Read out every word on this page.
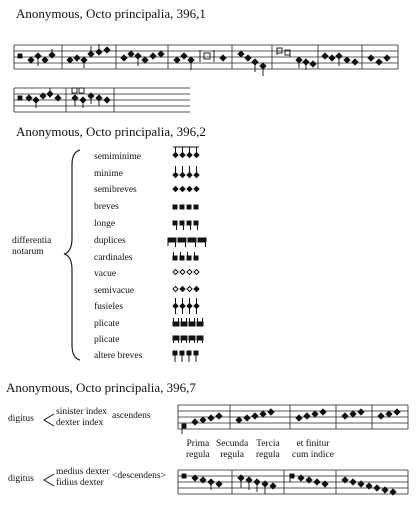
Anonymous, Octo principalia, 396,1
Anonymous, Octo principalia, 396,2
Anonymous, Octo principalia, 396,7
differentia
notarum
semiminime
minime
semibreves
breves
longe
duplices
cardinales
vacue
semivacue
fusieles
plicate
plicate
altere breves
digitus
sinister index
dexter index
ascendens
Prima
regula
Secunda
regula
Tercia
regula
et finitur
cum indice
digitus
medius dexter
fidius dexter
<descendens>
